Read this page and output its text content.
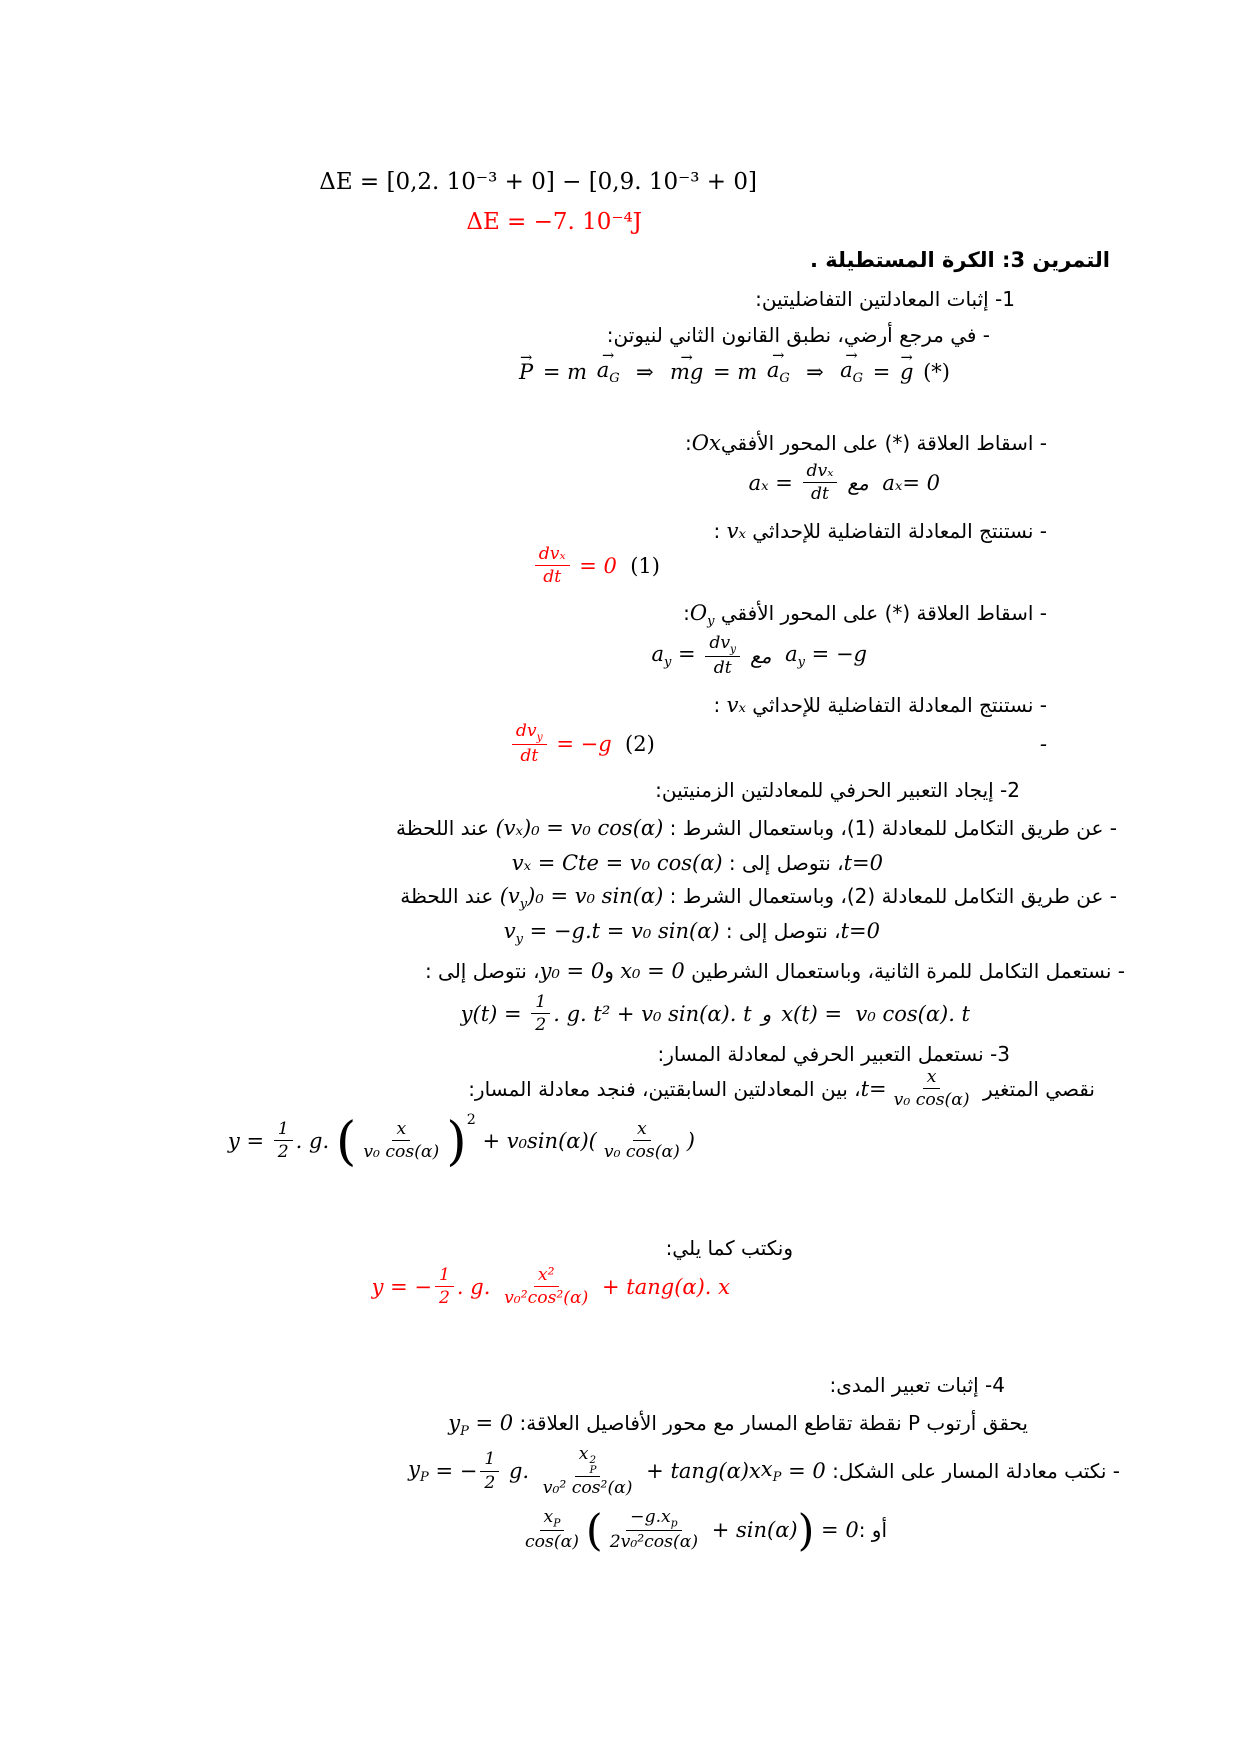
ΔE = [0,2. 10⁻³ + 0] − [0,9. 10⁻³ + 0]

ΔE = −7. 10⁻⁴J

التمرين 3: الكرة المستطيلة .
1- إثبات المعادلتين التفاضليتين:
- في مرجع أرضي، نطبق القانون الثاني لنيوتن:
P → = m $a_G$ → ⇒ mg → = m $a_G$ → ⇒ $a_G$ → = g → (*)
- اسقاط العلاقة (*) على المحور الأفقيOx:
$a_x = \frac{\text{dvₓ}}{dt}$ مع aₓ= 0
- نستنتج المعادلة التفاضلية للإحداثي vₓ :
$\frac{\text{dvₓ}}{dt} = 0$ (1)
- اسقاط العلاقة (*) على المحور الأفقي $O_y$:
$a_y = \frac{dv_y}{dt}$ مع $a_y = -g$
- نستنتج المعادلة التفاضلية للإحداثي vₓ :
$\frac{dv_y}{dt} = -g$ (2)	-
2- إيجاد التعبير الحرفي للمعادلتين الزمنيتين:
- عن طريق التكامل للمعادلة (1)، وباستعمال الشرط : (vₓ)₀ = v₀ cos(α) عند اللحظة
t=0، نتوصل إلى : vₓ = Cte = v₀ cos(α)
- عن طريق التكامل للمعادلة (2)، وباستعمال الشرط : $(v_y)_0 = v_0$ sin(α) عند اللحظة
t=0، نتوصل إلى : $v_y = -g.t = v_0$ sin(α)
- نستعمل التكامل للمرة الثانية، وباستعمال الشرطين x₀ = 0 وy₀ = 0، نتوصل إلى :
$y(t) = \frac{1}{2}$ . g. t² + v₀ sin(α). t و x(t) =  v₀ cos(α). t
3- نستعمل التعبير الحرفي لمعادلة المسار:
نقصي المتغير
$t= \frac{x}{\text{v₀ cos(α)}}$
، بين المعادلتين السابقتين، فنجد معادلة المسار:
$y = \frac{1}{2}$ . g. ( $\frac{x}{\text{v₀ cos(α)}}$ ) 2
+ $v_0\sin(\alpha)( \frac{x}{\text{v₀ cos(α)}}$ )
ونكتب كما يلي:
y = − $\frac{1}{2}$ . g. $\frac{\text{x²}}{\text{v₀²cos²(α)}} + \tan g(\alpha)$. x
4- إثبات تعبير المدى:
يحقق أرتوب P نقطة تقاطع المسار مع محور الأفاصيل العلاقة: $y_P = 0$
- نكتب معادلة المسار على الشكل:
$y_P$ = − $\frac{1}{2} g$. x 2
P
v₀² cos²(α) + tang(α)x $x_P = 0$
أو :
$\frac{x_P}{\cos(\alpha)}$ ( $\frac{-g.x_p}{\text{2v₀²cos(α)}} + \sin(\alpha)$ ) = 0
